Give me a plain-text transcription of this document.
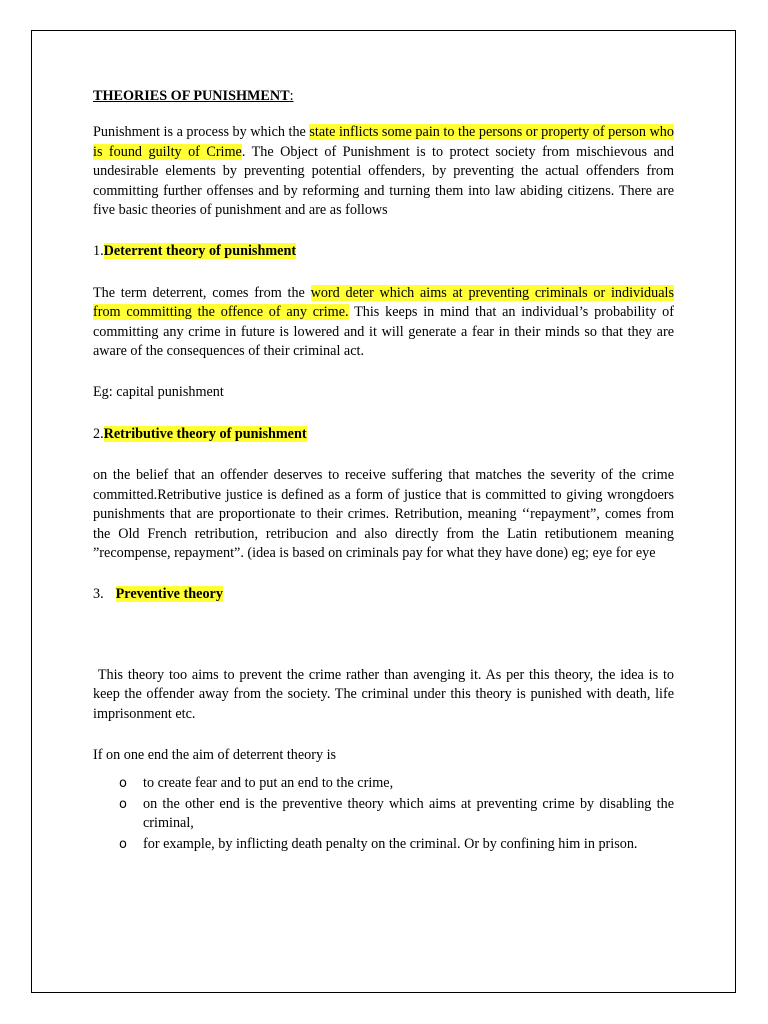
THEORIES OF PUNISHMENT:

Punishment is a process by which the state inflicts some pain to the persons or property of person who is found guilty of Crime. The Object of Punishment is to protect society from mischievous and undesirable elements by preventing potential offenders, by preventing the actual offenders from committing further offenses and by reforming and turning them into law abiding citizens. There are five basic theories of punishment and are as follows

1.Deterrent theory of punishment

The term deterrent, comes from the word deter which aims at preventing criminals or individuals from committing the offence of any crime. This keeps in mind that an individual’s probability of committing any crime in future is lowered and it will generate a fear in their minds so that they are aware of the consequences of their criminal act.

Eg: capital punishment

2.Retributive theory of punishment

on the belief that an offender deserves to receive suffering that matches the severity of the crime committed.Retributive justice is defined as a form of justice that is committed to giving wrongdoers punishments that are proportionate to their crimes. Retribution, meaning ‘‘repayment”, comes from the Old French retribution, retribucion and also directly from the Latin retibutionem meaning ”recompense, repayment”. (idea is based on criminals pay for what they have done) eg; eye for eye

3. Preventive theory

This theory too aims to prevent the crime rather than avenging it. As per this theory, the idea is to keep the offender away from the society. The criminal under this theory is punished with death, life imprisonment etc.

If on one end the aim of deterrent theory is

o to create fear and to put an end to the crime,
o on the other end is the preventive theory which aims at preventing crime by disabling the criminal,
o for example, by inflicting death penalty on the criminal. Or by confining him in prison.
